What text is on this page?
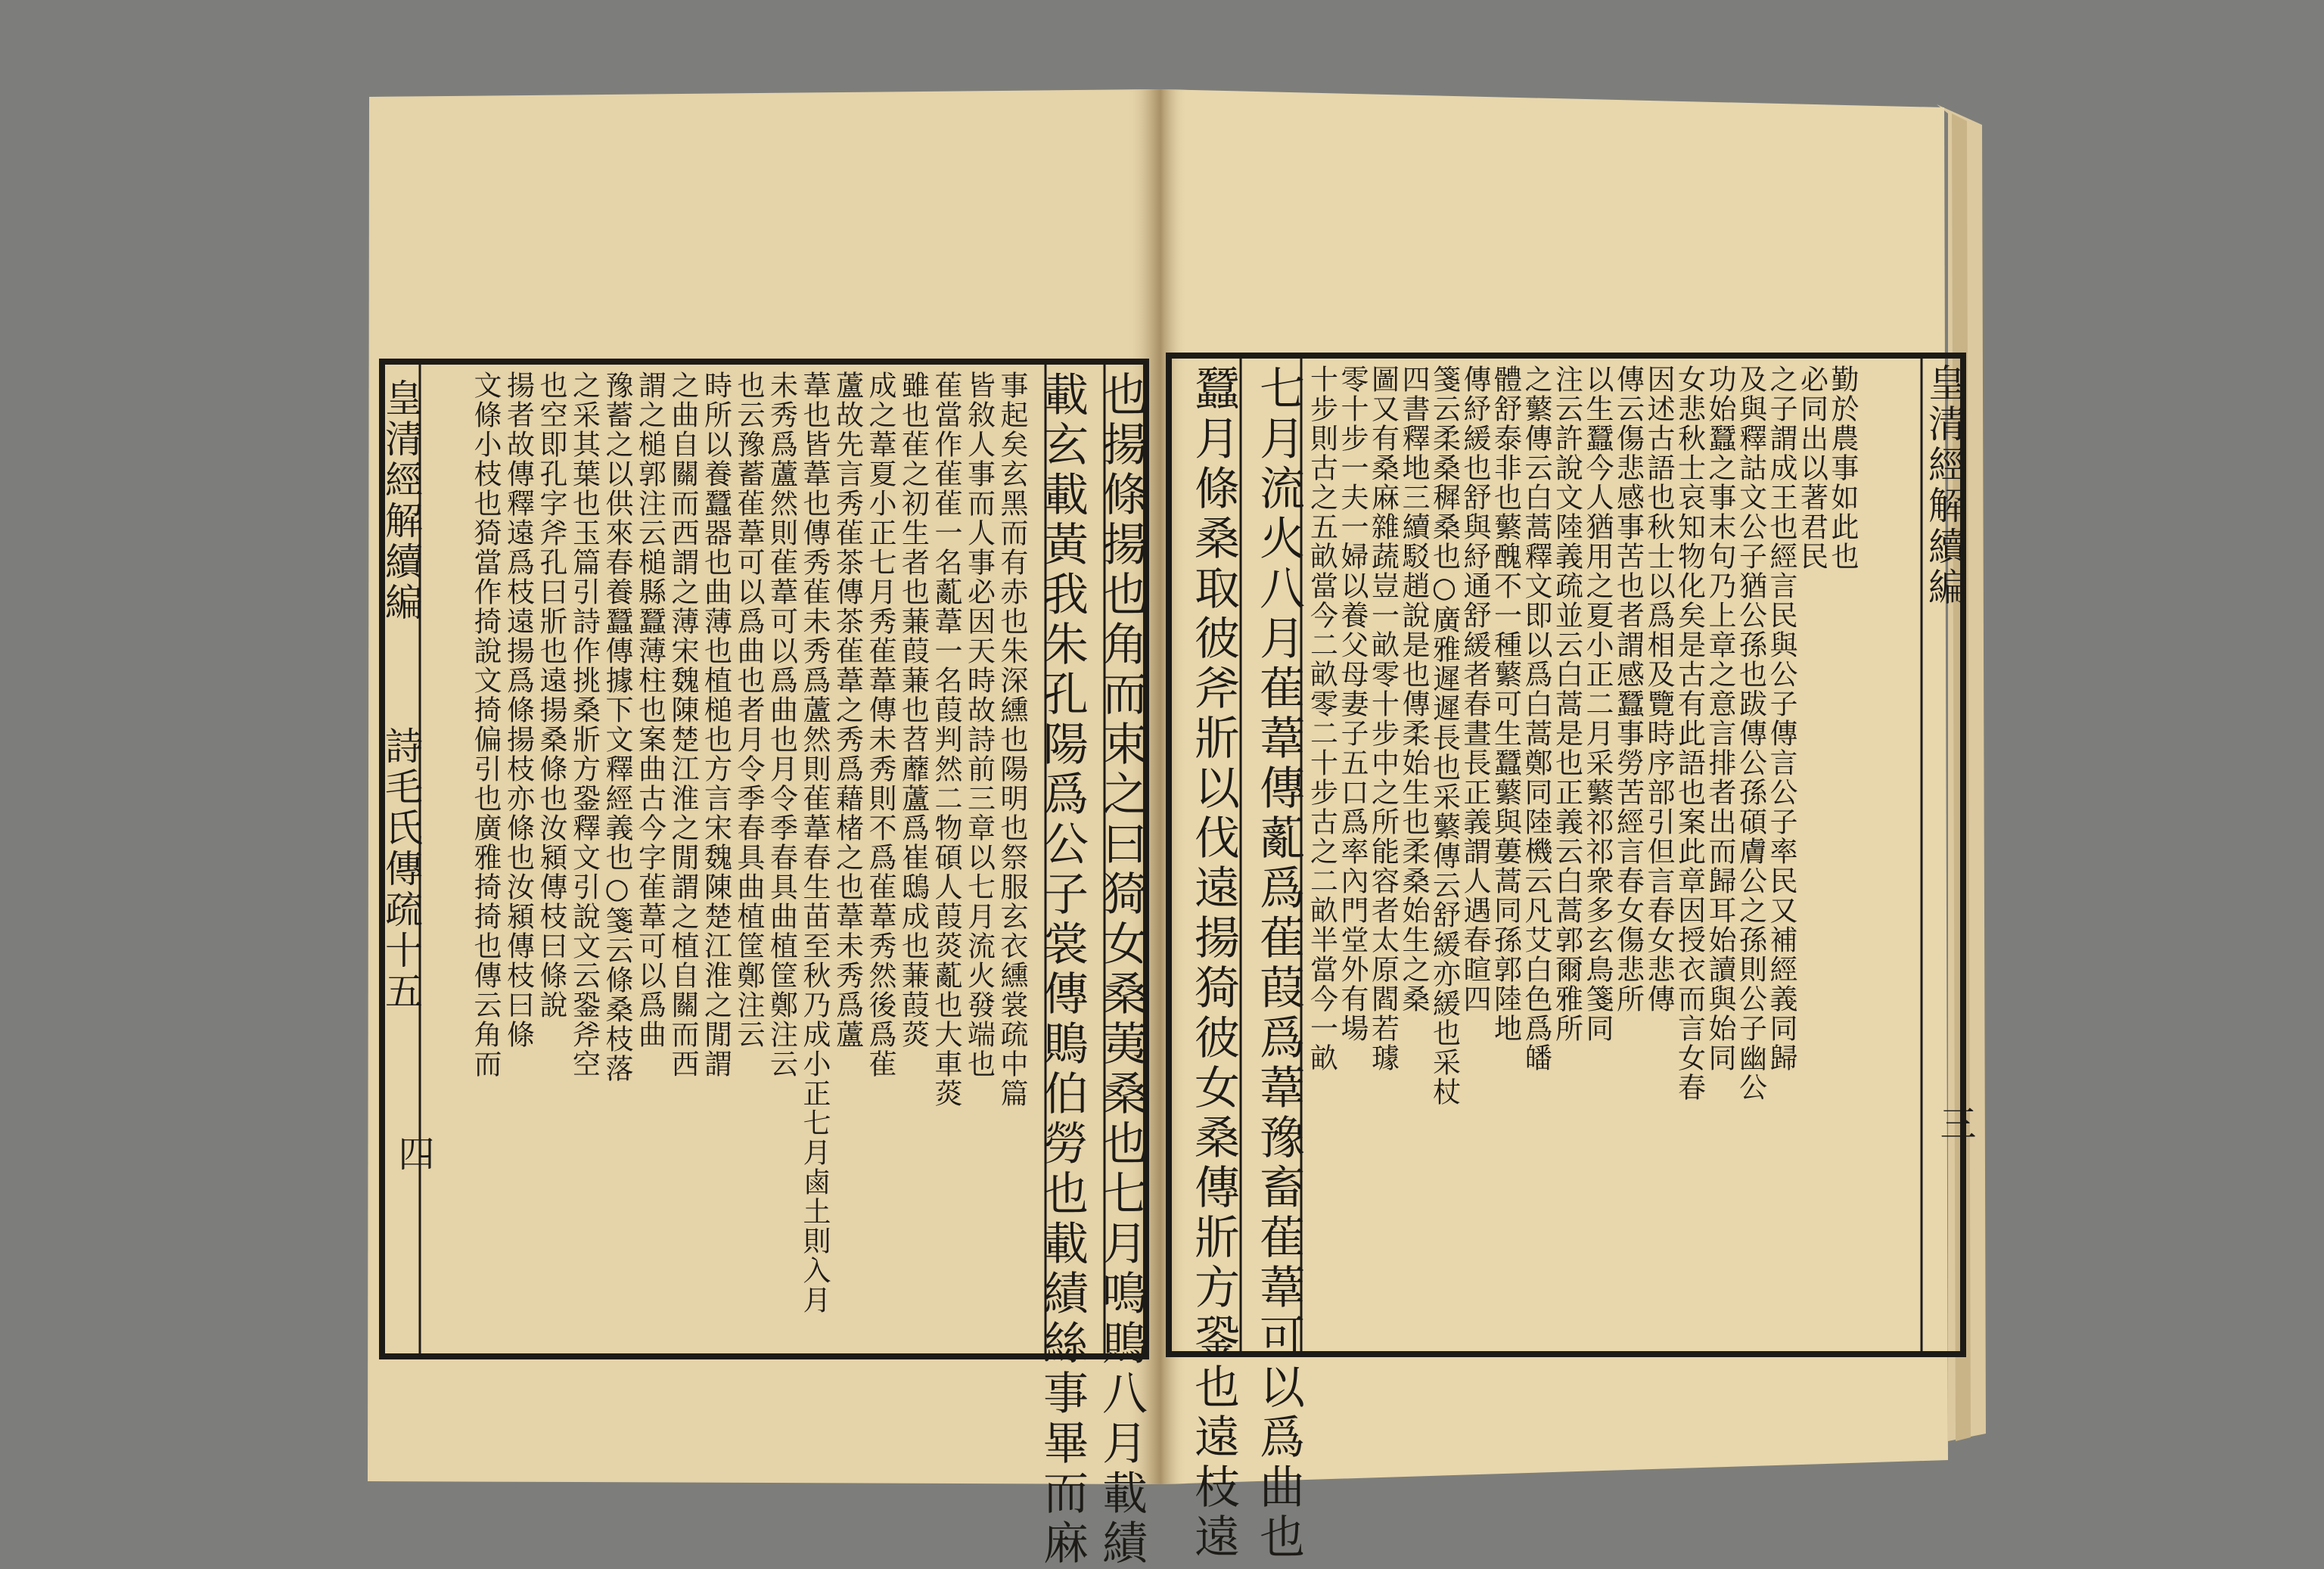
皇清經解續編
詩毛氏傳疏十五
四	也揚條揚也角而束之曰猗女桑荑桑也七月鳴鵙八月載績
載玄載黃我朱孔陽爲公子裳傳鵙伯勞也載績絲事畢而麻
事起矣玄黑而有赤也朱深纁也陽明也祭服玄衣纁裳疏中篇
皆敘人事而人事必因天時故詩前三章以七月流火發端也
萑當作雈雈一名薍葦一名葭判然二物碩人葭菼薍也大車菼
雖也雈之初生者也蒹葭蒹也苕蘼蘆爲崔鴟成也蒹葭菼
成之葦夏小正七月秀雈葦傳未秀則不爲雈葦秀然後爲雈
蘆故先言秀雈茶傳茶雈葦之秀爲藉楮之也葦未秀爲蘆
葦也皆葦也傳秀雈未秀爲蘆然則雈葦春生苗至秋乃成小正七月鹵土則入月
未秀爲蘆然則雈葦可以爲曲也月令季春具曲植筐鄭注云
也云豫蓄雈葦可以爲曲也者月令季春具曲植筐鄭注云
時所以養蠶器也曲薄也植槌也方言宋魏陳楚江淮之閒謂
之曲自關而西謂之薄宋魏陳楚江淮之閒謂之植自關而西
謂之槌郭注云槌縣蠶薄柱也案曲古今字雈葦可以爲曲
豫蓄之以供來春養蠶傳據下文釋經義也○箋云條桑枝落
之采其葉也玉篇引詩作挑桑斨方銎釋文引說文云銎斧空
也空即孔字斧孔曰斨也遠揚桑條也汝潁傳枝曰條說
揚者故傳釋遠爲枝遠揚爲條揚枝亦條也汝潁傳枝曰條
文條小枝也猗當作掎說文掎偏引也廣雅掎掎也傳云角而	蠶月條桑取彼斧斨以伐遠揚猗彼女桑傳斨方銎也遠枝遠 七月流火八月萑葦傳薍爲萑葭爲葦豫畜萑葦可以爲曲也	勤於農事如此也
必同出以著君民
之子謂成王也經言民與公子傳言公子率民又補經義同歸
及與釋詁文公子猶公孫也跋傳公孫碩膚公之孫則公子幽公
功始蠶之事末句乃上章之意言排者出而歸耳始讀與始同
女悲秋士哀知物化矣是古有此語也案此章因授衣而言女春
因述古語也秋士以爲相及覽時序部引但言春女悲傳
傳云傷悲感事苦也者謂感蠶事勞苦經言春女傷悲所
以生蠶今人猶用之夏小正二月采蘩祁祁衆多玄鳥箋同
注云許說文陸義疏並云白蒿是也正義云白蒿郭爾雅所
之蘩傳云白蒿釋文即以爲白蒿鄭同陸機云凡艾白色爲皤
體舒泰非也蘩醜不一種蘩可生蠶蘩與蔞蒿同孫郭陸地
傳紓緩也舒與紓通舒緩者春晝長正義謂人遇春暄四
箋云柔桑穉桑也○廣雅遲遲長也采蘩傳云舒緩亦緩也采杖
四書釋地三續駁趙說是也傳柔始生也柔桑始生之桑
圖又有桑麻雜蔬豈一畝零十步中之所能容者太原閻若璩
零十步一夫一婦以養父母妻子五口爲率內門堂外有場
十步則古之五畝當今二畝零二十步古之二畝半當今一畝	皇清經解續編
三
